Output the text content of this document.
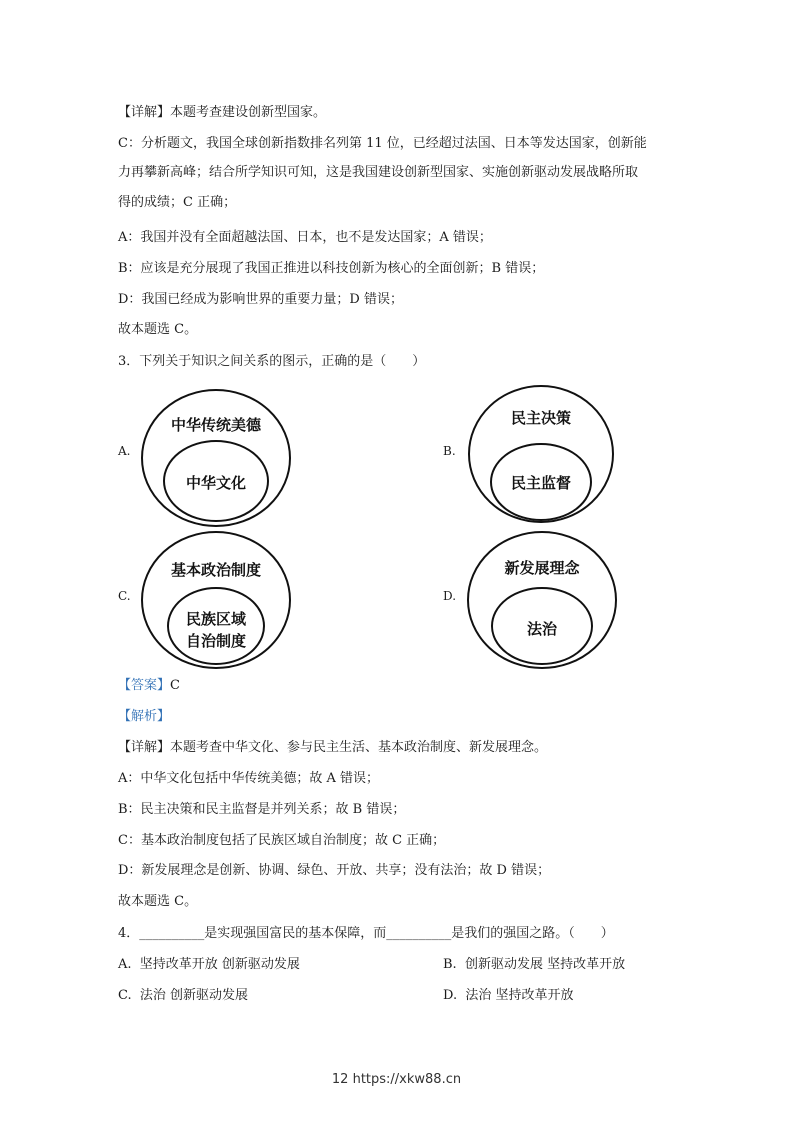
【详解】本题考查建设创新型国家。
C：分析题文，我国全球创新指数排名列第 11 位，已经超过法国、日本等发达国家，创新能
力再攀新高峰；结合所学知识可知，这是我国建设创新型国家、实施创新驱动发展战略所取
得的成绩；C 正确；
A：我国并没有全面超越法国、日本，也不是发达国家；A 错误；
B：应该是充分展现了我国正推进以科技创新为核心的全面创新；B 错误；
D：我国已经成为影响世界的重要力量；D 错误；
故本题选 C。
3．下列关于知识之间关系的图示，正确的是（　　）
A.
中华传统美德
中华文化
B.
民主决策
民主监督
C.
基本政治制度
民族区域
自治制度
D.
新发展理念
法治
【答案】C
【解析】
【详解】本题考查中华文化、参与民主生活、基本政治制度、新发展理念。
A：中华文化包括中华传统美德；故 A 错误；
B：民主决策和民主监督是并列关系；故 B 错误；
C：基本政治制度包括了民族区域自治制度；故 C 正确；
D：新发展理念是创新、协调、绿色、开放、共享；没有法治；故 D 错误；
故本题选 C。
4．__________是实现强国富民的基本保障，而__________是我们的强国之路。（　　）
A. 坚持改革开放 创新驱动发展	B. 创新驱动发展 坚持改革开放
C. 法治 创新驱动发展	D. 法治 坚持改革开放
12 https://xkw88.cn
